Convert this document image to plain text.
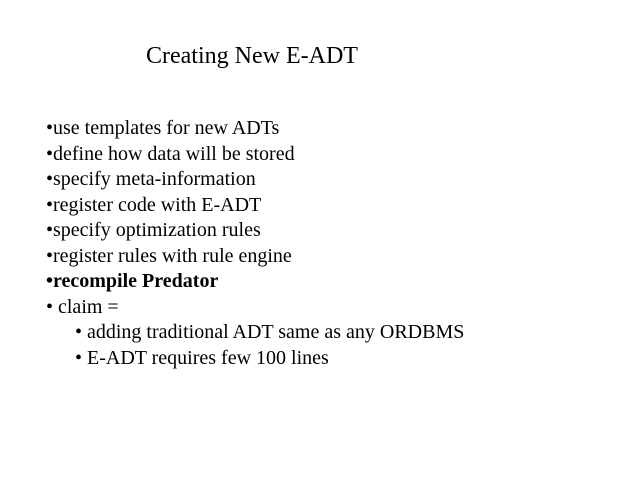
Creating New E-ADT
•use templates for new ADTs
•define how data will be stored
•specify meta-information
•register code with E-ADT
•specify optimization rules
•register rules with rule engine
•recompile Predator
• claim =
• adding traditional ADT same as any ORDBMS
• E-ADT requires few 100 lines
